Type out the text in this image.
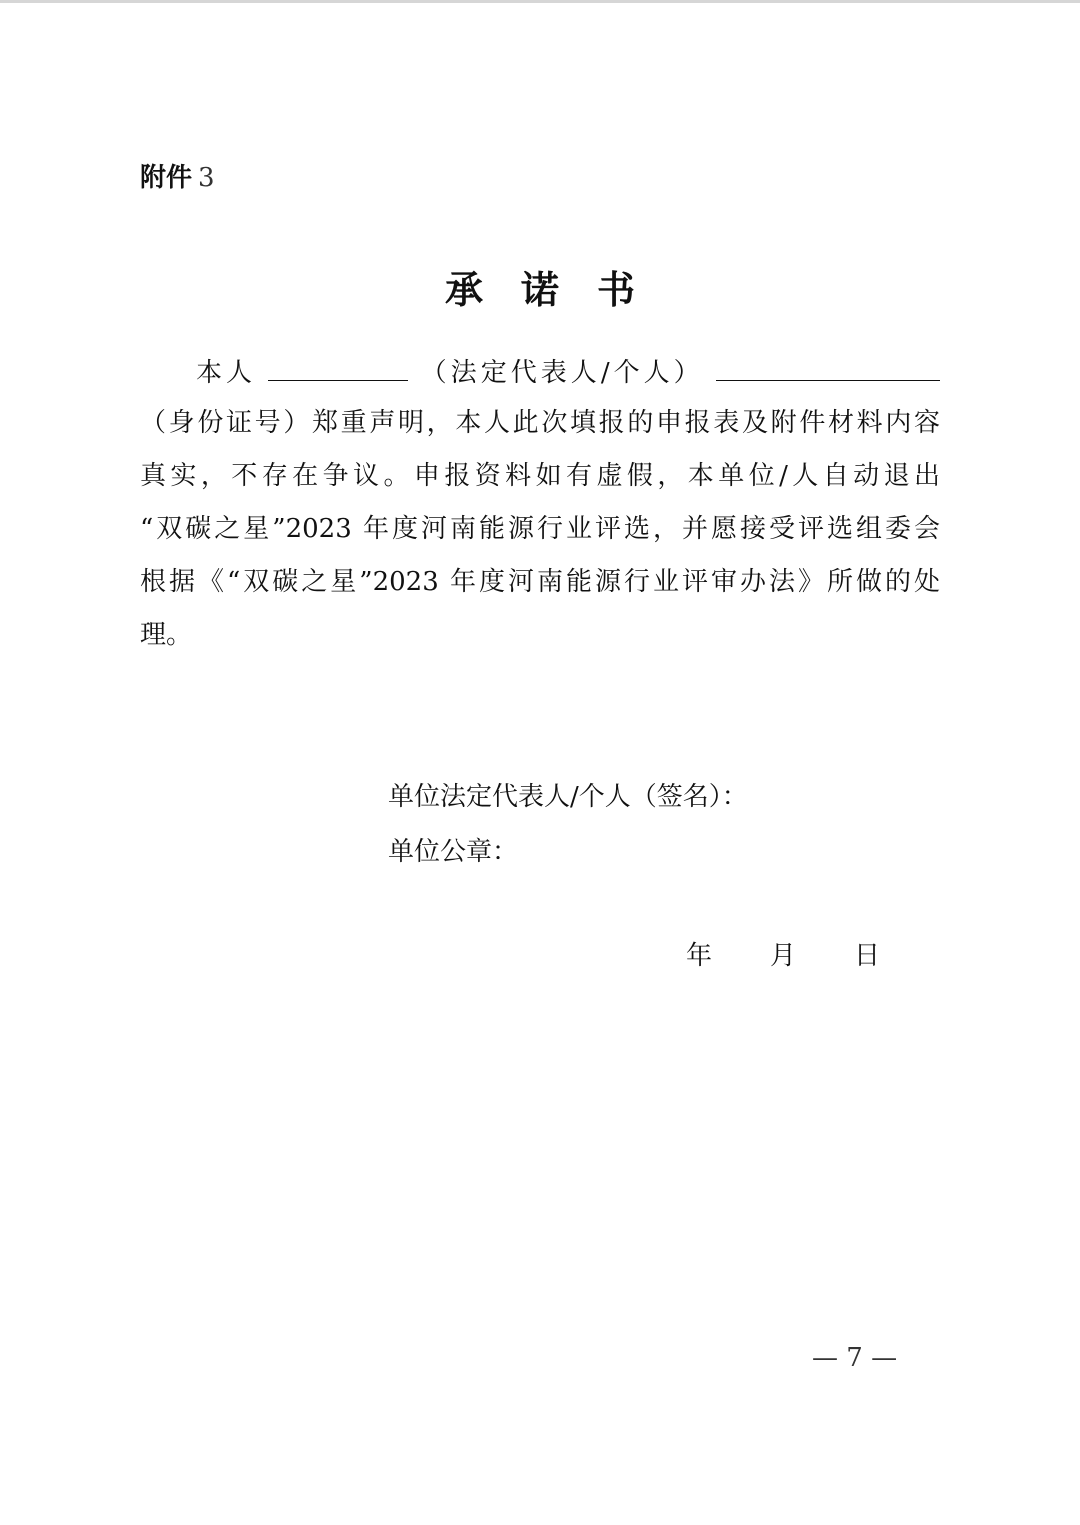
附件 3
承诺书
本人	（法定代表人/个人）
（身份证号）郑重声明，本人此次填报的申报表及附件材料内容
真实，不存在争议。申报资料如有虚假，本单位/人自动退出
“双碳之星”2023 年度河南能源行业评选，并愿接受评选组委会
根据《“双碳之星”2023 年度河南能源行业评审办法》所做的处
理。
单位法定代表人/个人（签名）：
单位公章：
年 月 日
— 7 —
